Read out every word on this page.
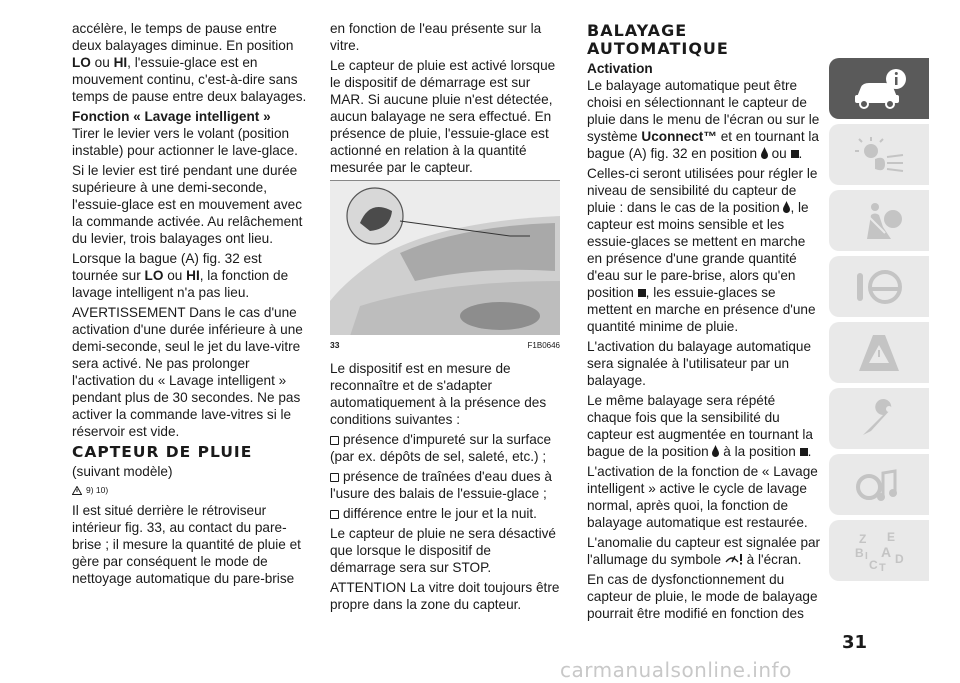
accélère, le temps de pause entre deux balayages diminue. En position LO ou HI, l'essuie-glace est en mouvement continu, c'est-à-dire sans temps de pause entre deux balayages.

Fonction « Lavage intelligent »

Tirer le levier vers le volant (position instable) pour actionner le lave-glace.

Si le levier est tiré pendant une durée supérieure à une demi-seconde, l'essuie-glace est en mouvement avec la commande activée. Au relâchement du levier, trois balayages ont lieu.

Lorsque la bague (A) fig. 32 est tournée sur LO ou HI, la fonction de lavage intelligent n'a pas lieu.

AVERTISSEMENT Dans le cas d'une activation d'une durée inférieure à une demi-seconde, seul le jet du lave-vitre sera activé. Ne pas prolonger l'activation du « Lavage intelligent » pendant plus de 30 secondes. Ne pas activer la commande lave-vitres si le réservoir est vide.

CAPTEUR DE PLUIE
(suivant modèle)
9) 10)

Il est situé derrière le rétroviseur intérieur fig. 33, au contact du pare-brise ; il mesure la quantité de pluie et gère par conséquent le mode de nettoyage automatique du pare-brise

en fonction de l'eau présente sur la vitre.

Le capteur de pluie est activé lorsque le dispositif de démarrage est sur MAR. Si aucune pluie n'est détectée, aucun balayage ne sera effectué. En présence de pluie, l'essuie-glace est actionné en relation à la quantité mesurée par le capteur.

33	F1B0646

Le dispositif est en mesure de reconnaître et de s'adapter automatiquement à la présence des conditions suivantes :

présence d'impureté sur la surface (par ex. dépôts de sel, saleté, etc.) ;

présence de traînées d'eau dues à l'usure des balais de l'essuie-glace ;

différence entre le jour et la nuit.

Le capteur de pluie ne sera désactivé que lorsque le dispositif de démarrage sera sur STOP.

ATTENTION La vitre doit toujours être propre dans la zone du capteur.

BALAYAGE AUTOMATIQUE
Activation

Le balayage automatique peut être choisi en sélectionnant le capteur de pluie dans le menu de l'écran ou sur le système Uconnect™ et en tournant la bague (A) fig. 32 en position  ou .

Celles-ci seront utilisées pour régler le niveau de sensibilité du capteur de pluie : dans le cas de la position , le capteur est moins sensible et les essuie-glaces se mettent en marche en présence d'une grande quantité d'eau sur le pare-brise, alors qu'en position , les essuie-glaces se mettent en marche en présence d'une quantité minime de pluie.

L'activation du balayage automatique sera signalée à l'utilisateur par un balayage.

Le même balayage sera répété chaque fois que la sensibilité du capteur est augmentée en tournant la bague de la position  à la position .

L'activation de la fonction de « Lavage intelligent » active le cycle de lavage normal, après quoi, la fonction de balayage automatique est restaurée.

L'anomalie du capteur est signalée par l'allumage du symbole  à l'écran.

En cas de dysfonctionnement du capteur de pluie, le mode de balayage pourrait être modifié en fonction des

Z E
B A
C D
I
T
31
carmanualsonline.info
